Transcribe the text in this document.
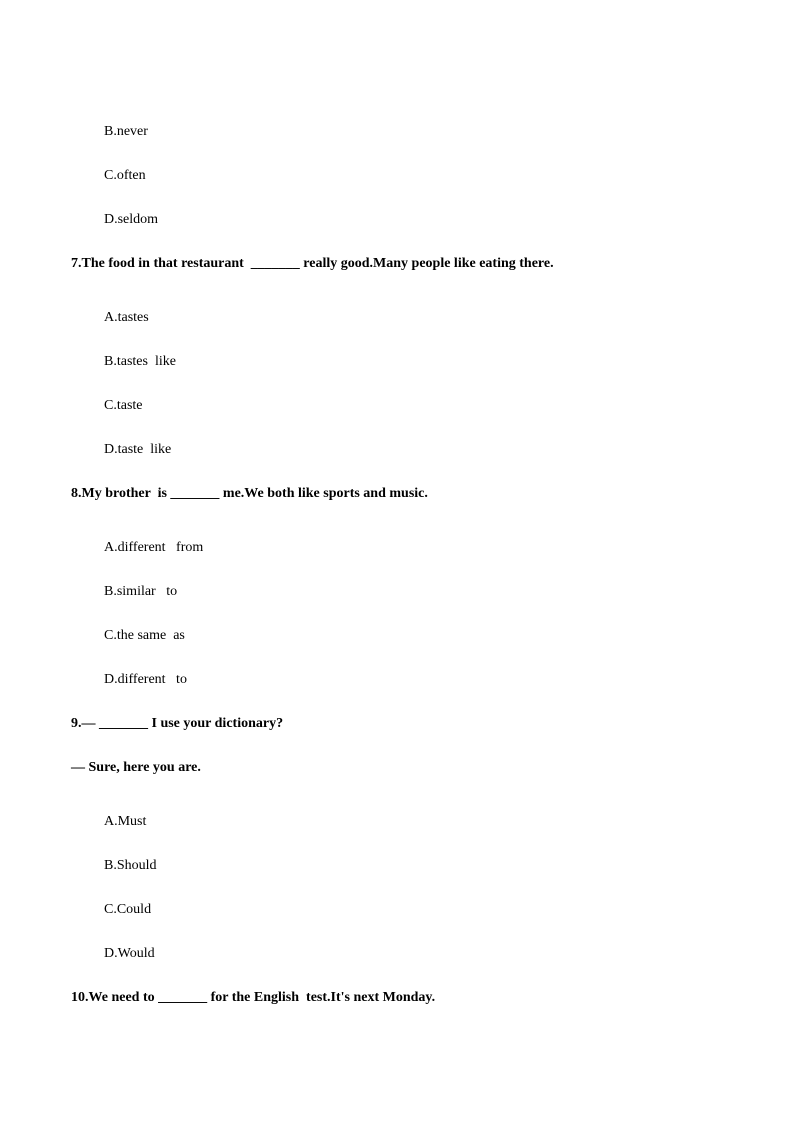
B.never
C.often
D.seldom
7.The food in that restaurant  _______ really good.Many people like eating there.
A.tastes
B.tastes  like
C.taste
D.taste  like
8.My brother  is _______ me.We both like sports and music.
A.different   from
B.similar   to
C.the same  as
D.different   to
9.— _______ I use your dictionary?
— Sure, here you are.
A.Must
B.Should
C.Could
D.Would
10.We need to _______ for the English  test.It's next Monday.
